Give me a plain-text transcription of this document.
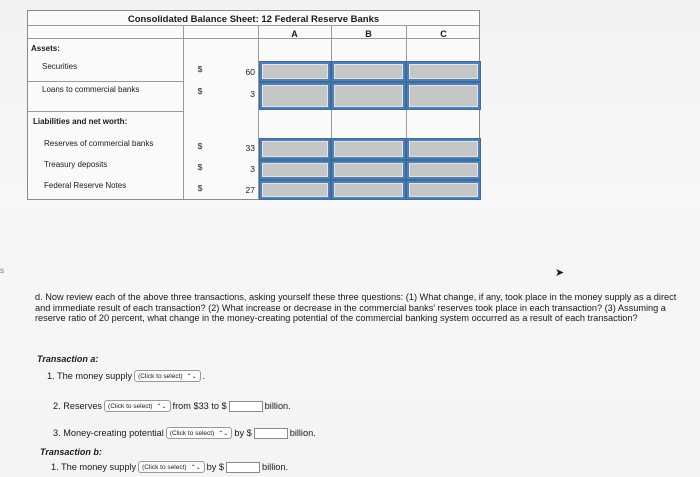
s
Consolidated Balance Sheet: 12 Federal Reserve Banks
A	B	C
Assets:
Securities	$	60
Loans to commercial banks	$	3
Liabilities and net worth:
Reserves of commercial banks	$	33
Treasury deposits	$	3
Federal Reserve Notes	$	27
➤
d. Now review each of the above three transactions, asking yourself these three questions: (1) What change, if any, took place in the money supply as a direct and immediate result of each transaction? (2) What increase or decrease in the commercial banks' reserves took place in each transaction? (3) Assuming a reserve ratio of 20 percent, what change in the money-creating potential of the commercial banking system occurred as a result of each transaction?
Transaction a:
1. The money supply (Click to select) ⌃⌄ .
2. Reserves (Click to select) ⌃⌄ from $33 to $	billion.
3. Money-creating potential (Click to select) ⌃⌄ by $	billion.
Transaction b:
1. The money supply (Click to select) ⌃⌄ by $	billion.
